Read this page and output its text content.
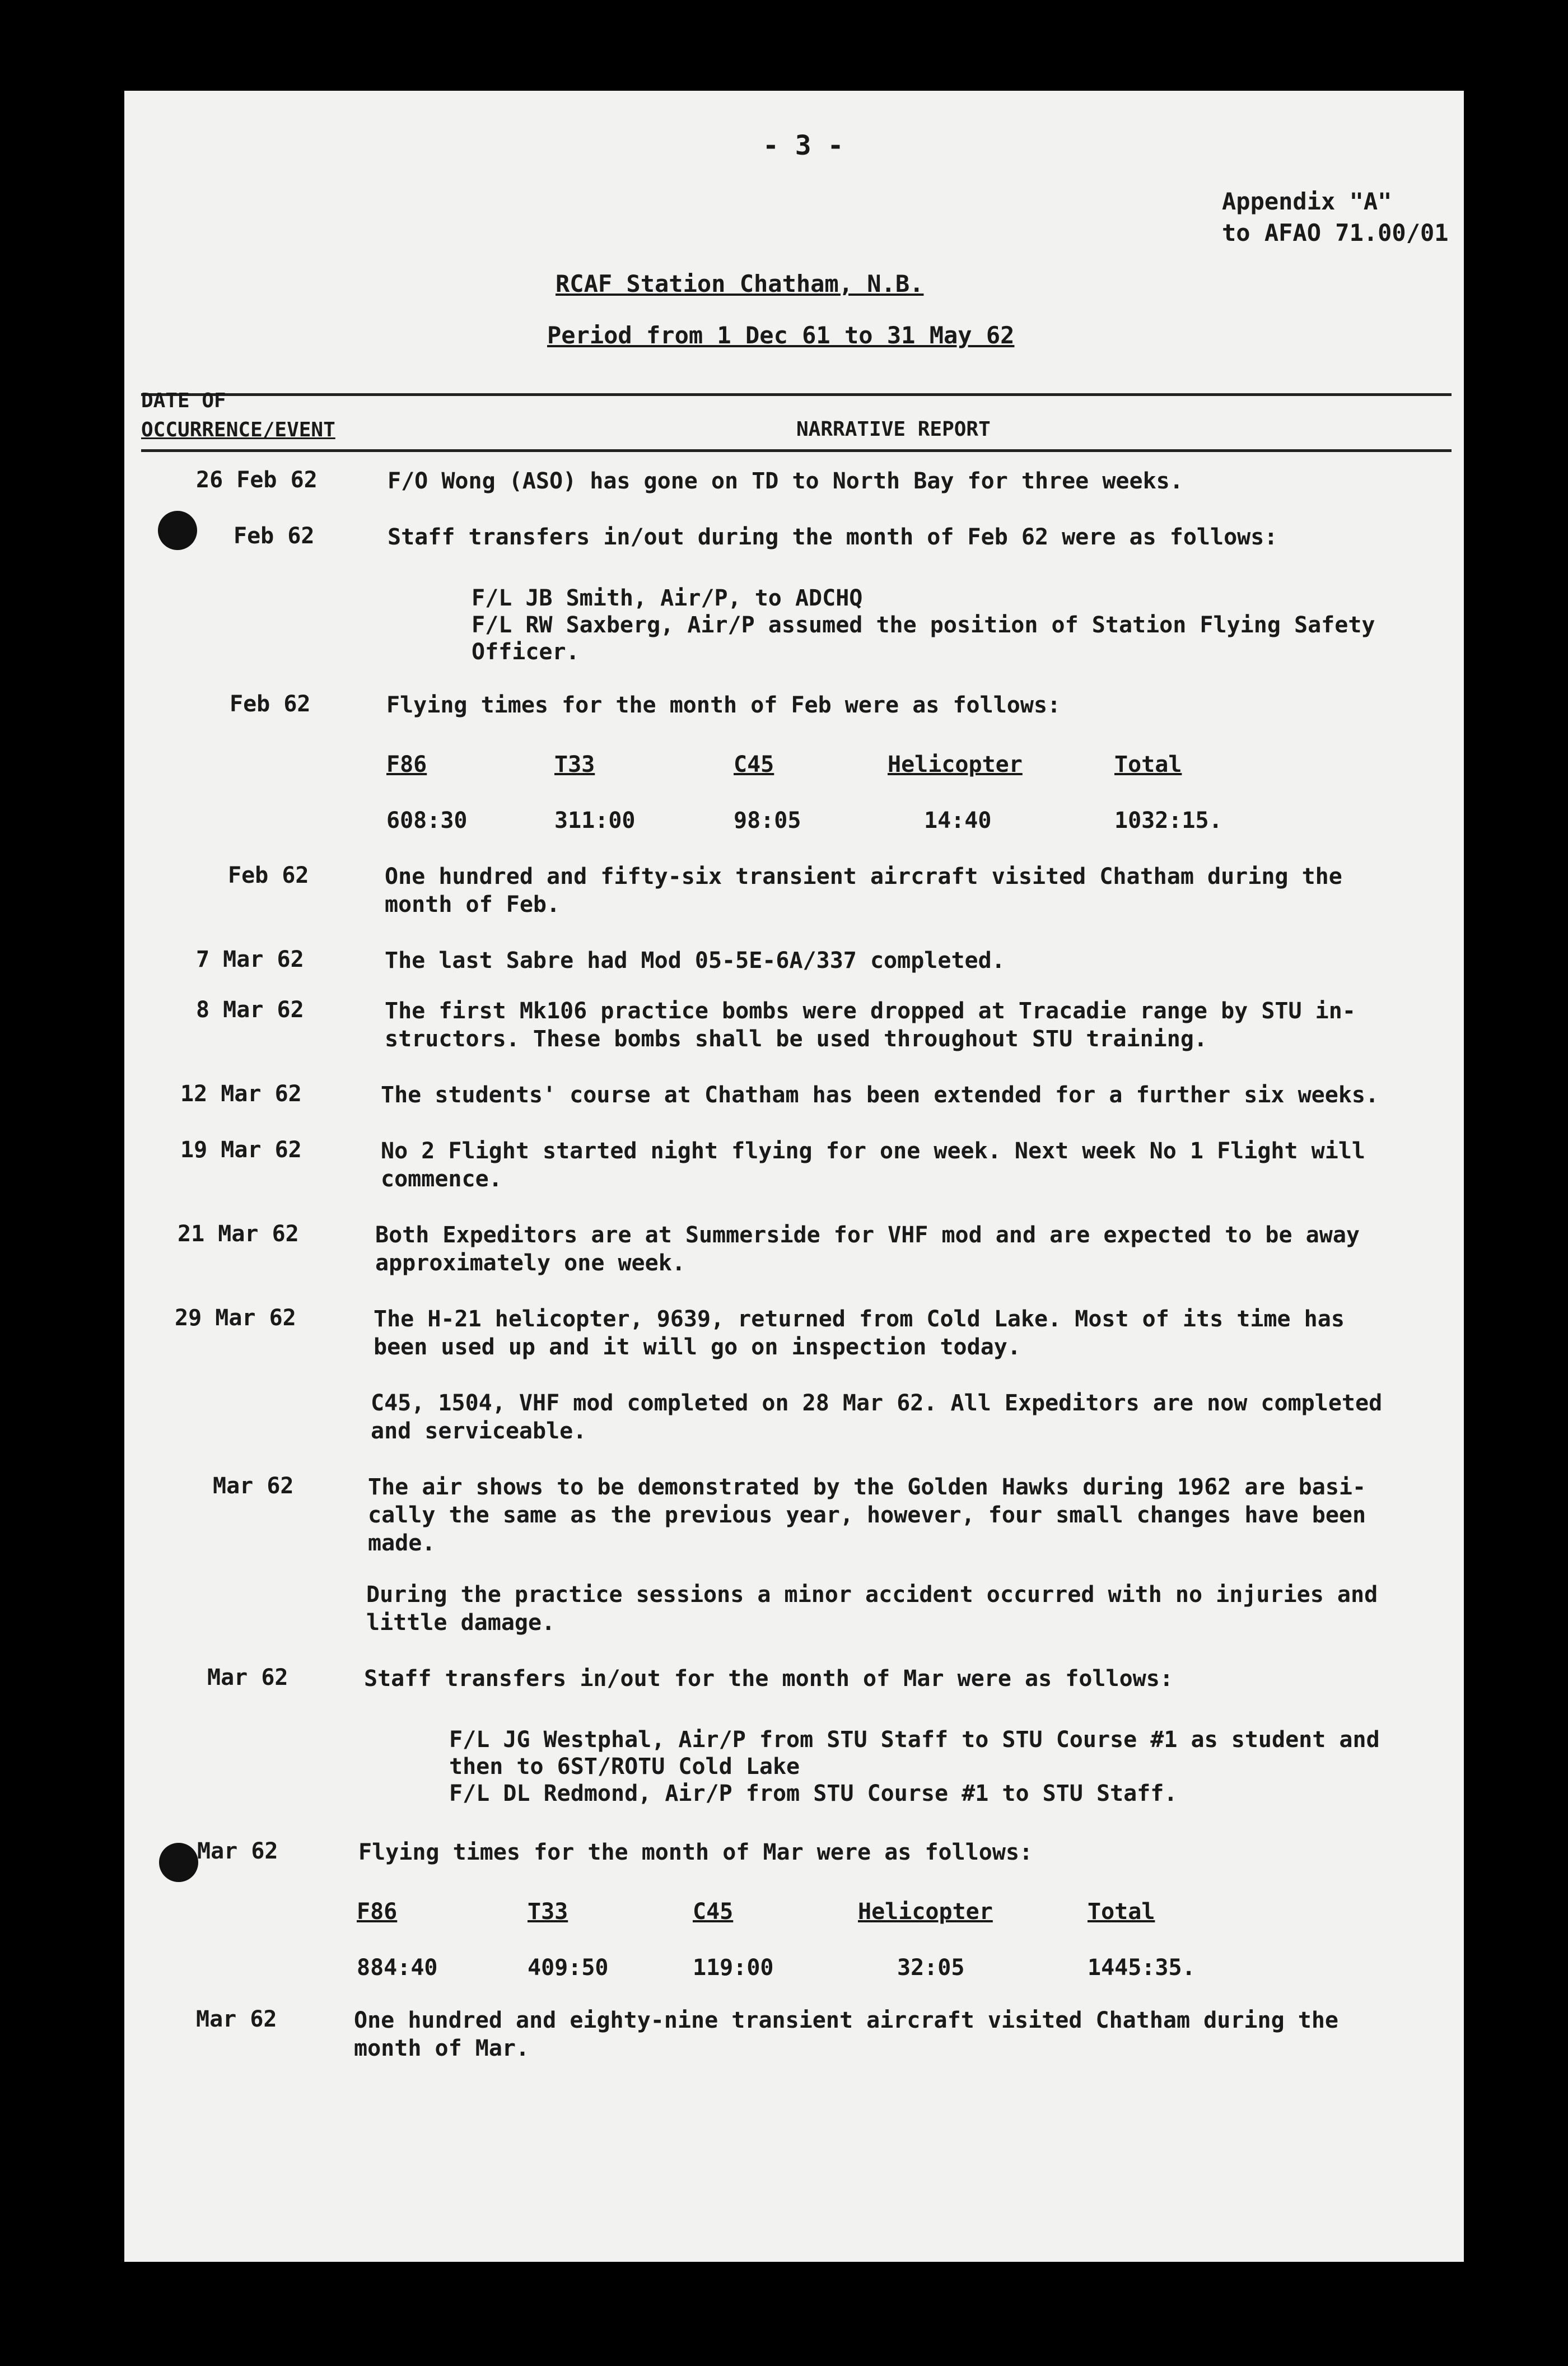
- 3 -
Appendix "A"
to AFAO 71.00/01
RCAF Station Chatham, N.B.
Period from 1 Dec 61 to 31 May 62
DATE OF
OCCURRENCE/EVENT	NARRATIVE REPORT
26 Feb 62	F/O Wong (ASO) has gone on TD to North Bay for three weeks.
Feb 62	Staff transfers in/out during the month of Feb 62 were as follows:
F/L JB Smith, Air/P, to ADCHQ
F/L RW Saxberg, Air/P assumed the position of Station Flying Safety
Officer.
Feb 62	Flying times for the month of Feb were as follows:
F86	T33	C45	Helicopter	Total
608:30	311:00	98:05	14:40	1032:15.
Feb 62	One hundred and fifty-six transient aircraft visited Chatham during the
month of Feb.
7 Mar 62	The last Sabre had Mod 05-5E-6A/337 completed.
8 Mar 62	The first Mk106 practice bombs were dropped at Tracadie range by STU in-
structors. These bombs shall be used throughout STU training.
12 Mar 62	The students' course at Chatham has been extended for a further six weeks.
19 Mar 62	No 2 Flight started night flying for one week. Next week No 1 Flight will
commence.
21 Mar 62	Both Expeditors are at Summerside for VHF mod and are expected to be away
approximately one week.
29 Mar 62	The H-21 helicopter, 9639, returned from Cold Lake. Most of its time has
been used up and it will go on inspection today.
C45, 1504, VHF mod completed on 28 Mar 62. All Expeditors are now completed
and serviceable.
Mar 62	The air shows to be demonstrated by the Golden Hawks during 1962 are basi-
cally the same as the previous year, however, four small changes have been
made.
During the practice sessions a minor accident occurred with no injuries and
little damage.
Mar 62	Staff transfers in/out for the month of Mar were as follows:
F/L JG Westphal, Air/P from STU Staff to STU Course #1 as student and
then to 6ST/ROTU Cold Lake
F/L DL Redmond, Air/P from STU Course #1 to STU Staff.
Mar 62	Flying times for the month of Mar were as follows:
F86	T33	C45	Helicopter	Total
884:40	409:50	119:00	32:05	1445:35.
Mar 62	One hundred and eighty-nine transient aircraft visited Chatham during the
month of Mar.
